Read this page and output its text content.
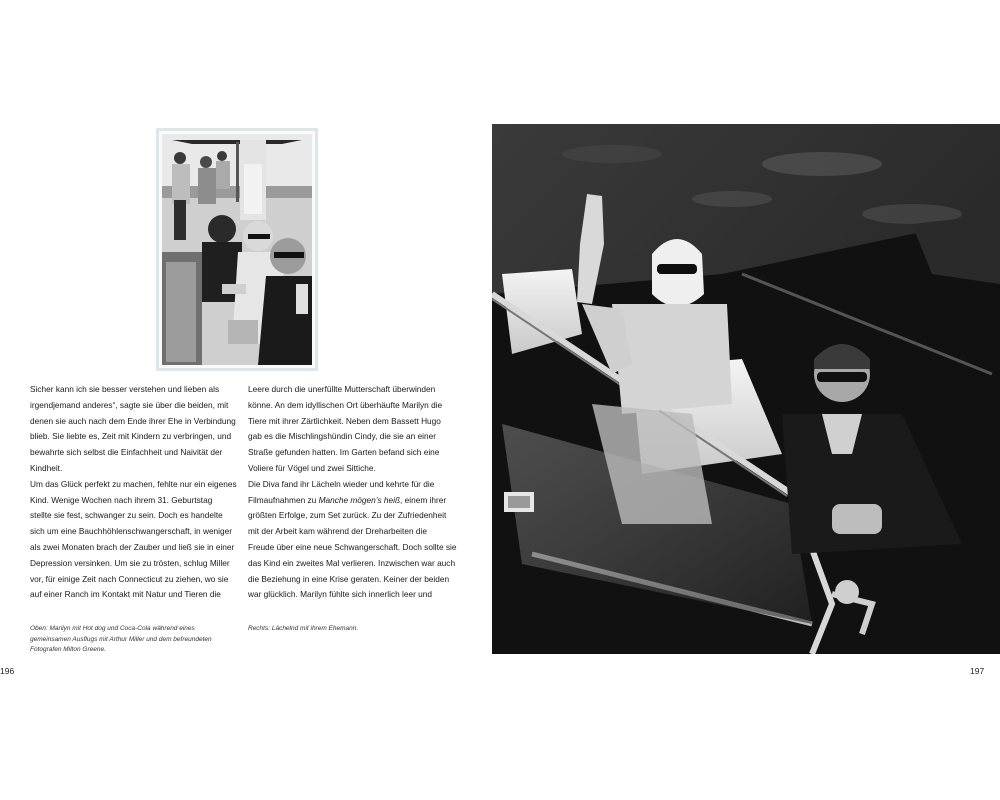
Sicher kann ich sie besser verstehen und lieben als

irgendjemand anderes“, sagte sie über die beiden, mit

denen sie auch nach dem Ende ihrer Ehe in Verbindung

blieb. Sie liebte es, Zeit mit Kindern zu verbringen, und

bewahrte sich selbst die Einfachheit und Naivität der

Kindheit.

Um das Glück perfekt zu machen, fehlte nur ein eigenes

Kind. Wenige Wochen nach ihrem 31. Geburtstag

stellte sie fest, schwanger zu sein. Doch es handelte

sich um eine Bauchhöhlenschwangerschaft, in weniger

als zwei Monaten brach der Zauber und ließ sie in einer

Depression versinken. Um sie zu trösten, schlug Miller

vor, für einige Zeit nach Connecticut zu ziehen, wo sie

auf einer Ranch im Kontakt mit Natur und Tieren die

Leere durch die unerfüllte Mutterschaft überwinden

könne. An dem idyllischen Ort überhäufte Marilyn die

Tiere mit ihrer Zärtlichkeit. Neben dem Bassett Hugo

gab es die Mischlingshündin Cindy, die sie an einer

Straße gefunden hatten. Im Garten befand sich eine

Voliere für Vögel und zwei Sittiche.

Die Diva fand ihr Lächeln wieder und kehrte für die

Filmaufnahmen zu Manche mögen’s heiß, einem ihrer

größten Erfolge, zum Set zurück. Zu der Zufriedenheit

mit der Arbeit kam während der Dreharbeiten die

Freude über eine neue Schwangerschaft. Doch sollte sie

das Kind ein zweites Mal verlieren. Inzwischen war auch

die Beziehung in eine Krise geraten. Keiner der beiden

war glücklich. Marilyn fühlte sich innerlich leer und

Oben: Marilyn mit Hot dog und Coca-Cola während eines
gemeinsamen Ausflugs mit Arthur Miller und dem befreundeten
Fotografen Milton Greene.
Rechts: Lächelnd mit ihrem Ehemann.
196	197
